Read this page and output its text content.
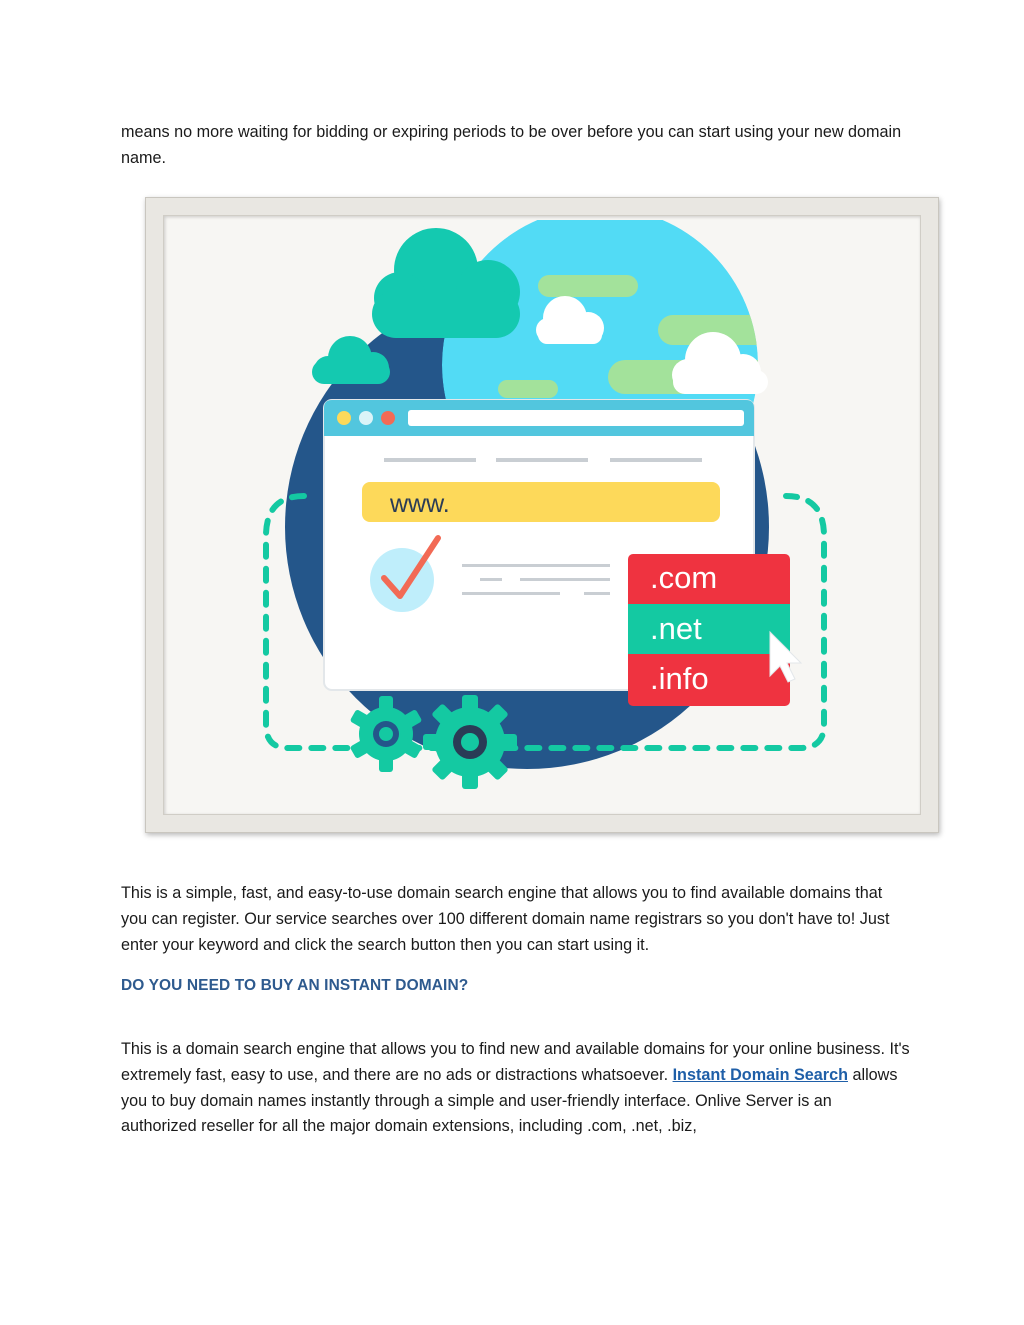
means no more waiting for bidding or expiring periods to be over before you can start using your new domain name.

www.
.com
.net
.info

This is a simple, fast, and easy-to-use domain search engine that allows you to find available domains that you can register. Our service searches over 100 different domain name registrars so you don't have to! Just enter your keyword and click the search button then you can start using it.

DO YOU NEED TO BUY AN INSTANT DOMAIN?

This is a domain search engine that allows you to find new and available domains for your online business. It's extremely fast, easy to use, and there are no ads or distractions whatsoever. Instant Domain Search allows you to buy domain names instantly through a simple and user-friendly interface. Onlive Server is an authorized reseller for all the major domain extensions, including .com, .net, .biz,
